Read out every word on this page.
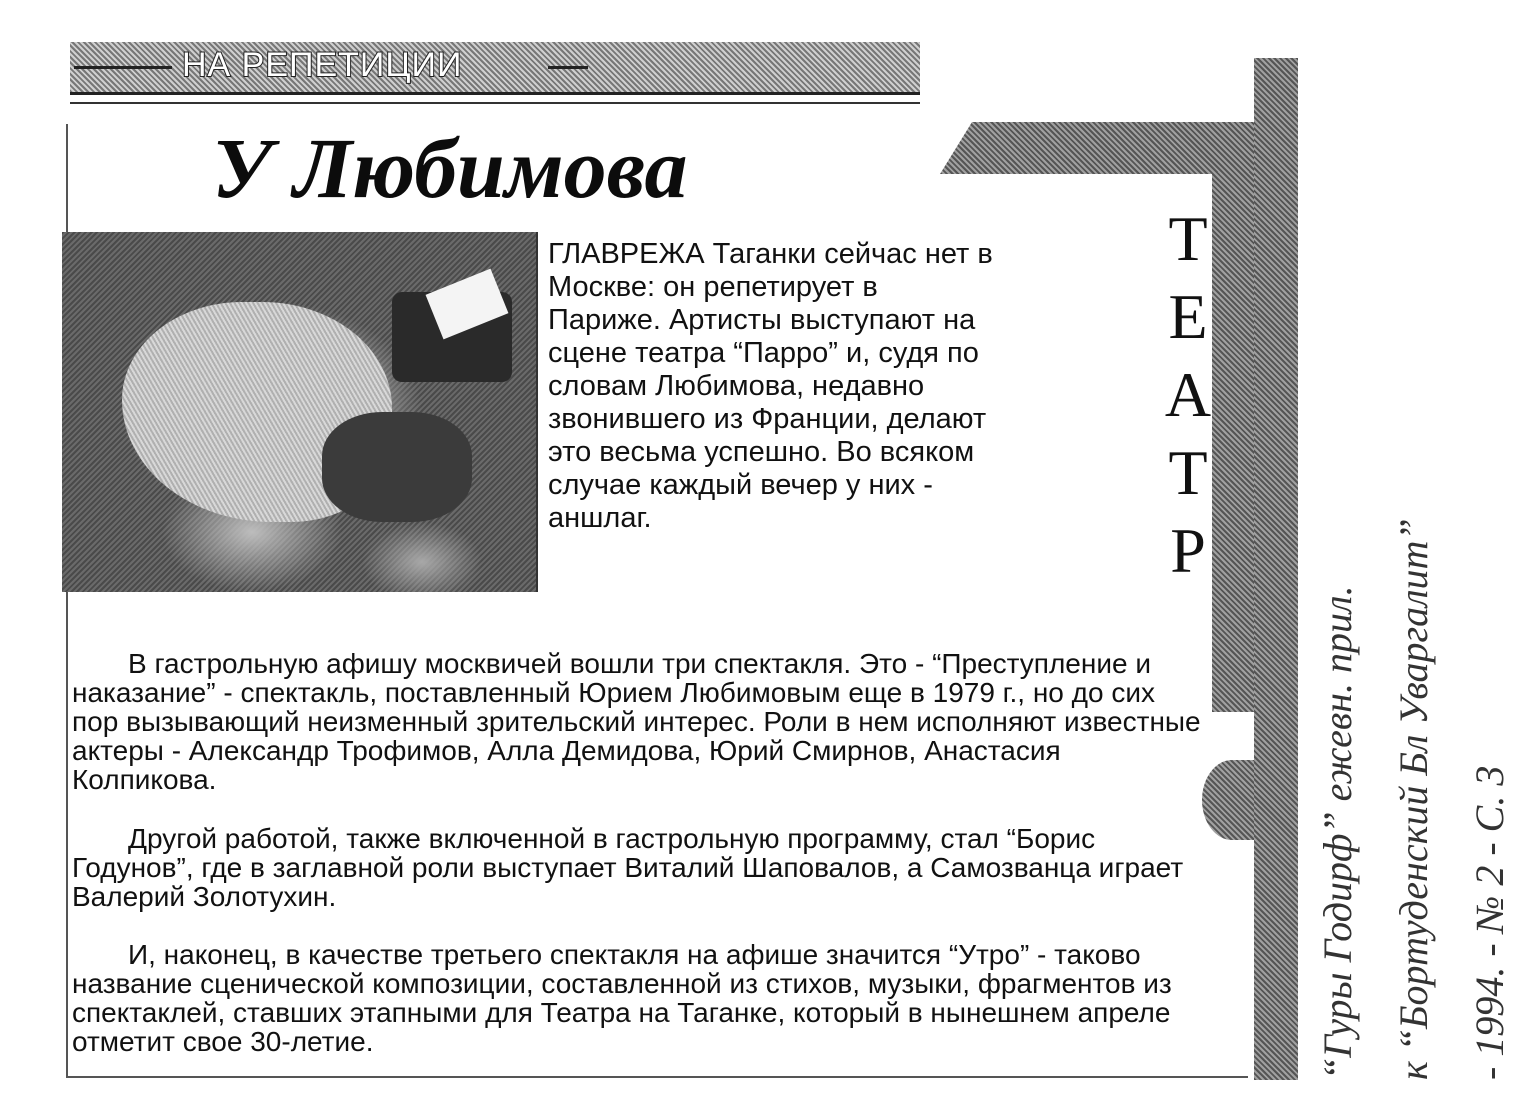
НА РЕПЕТИЦИИ
У Любимова
ГЛАВРЕЖА Таганки сейчас нет в Москве: он репетирует в Париже. Артисты выступают на сцене театра “Парро” и, судя по словам Любимова, недавно звонившего из Франции, делают это весьма успешно. Во всяком случае каждый вечер у них - аншлаг.

В гастрольную афишу москвичей вошли три спектакля. Это - “Преступление и наказание” - спектакль, поставленный Юрием Любимовым еще в 1979 г., но до сих пор вызывающий неизменный зрительский интерес. Роли в нем исполняют известные актеры - Александр Трофимов, Алла Демидова, Юрий Смирнов, Анастасия Колпикова.

Другой работой, также включенной в гастрольную программу, стал “Борис Годунов”, где в заглавной роли выступает Виталий Шаповалов, а Самозванца играет Валерий Золотухин.

И, наконец, в качестве третьего спектакля на афише значится “Утро” - таково название сценической композиции, составленной из стихов, музыки, фрагментов из спектаклей, ставших этапными для Театра на Таганке, который в нынешнем апреле отметит свое 30-летие.

Т
Е
А
Т
Р
“Гуры Годирф” ежевн. прил. к “Бортуденский Бл Уваргалит” - 1994. - № 2 - С. 3
